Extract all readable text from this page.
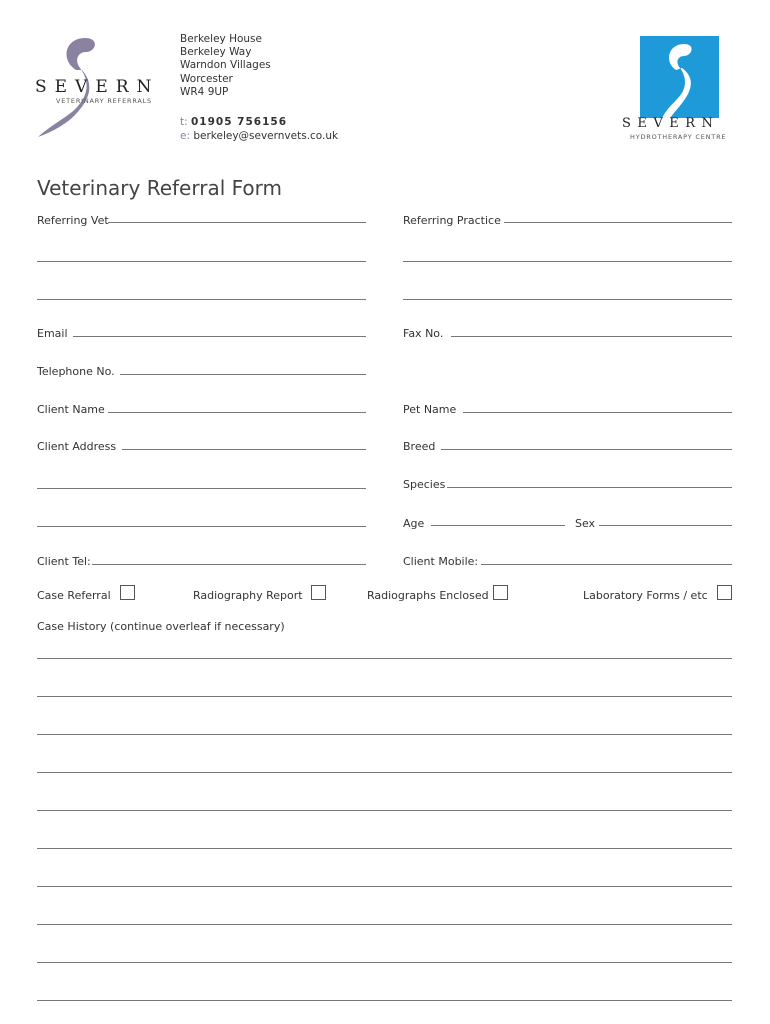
SEVERN
VETERINARY REFERRALS
Berkeley House
Berkeley Way
Warndon Villages
Worcester
WR4 9UP
t: 01905 756156
e: berkeley@severnvets.co.uk
SEVERN
HYDROTHERAPY CENTRE
Veterinary Referral Form
Referring Vet	Referring Practice
Email	Fax No.
Telephone No.
Client Name	Pet Name
Client Address	Breed
Species
Age	Sex
Client Tel:	Client Mobile:
Case Referral	Radiography Report	Radiographs Enclosed	Laboratory Forms / etc
Case History (continue overleaf if necessary)
